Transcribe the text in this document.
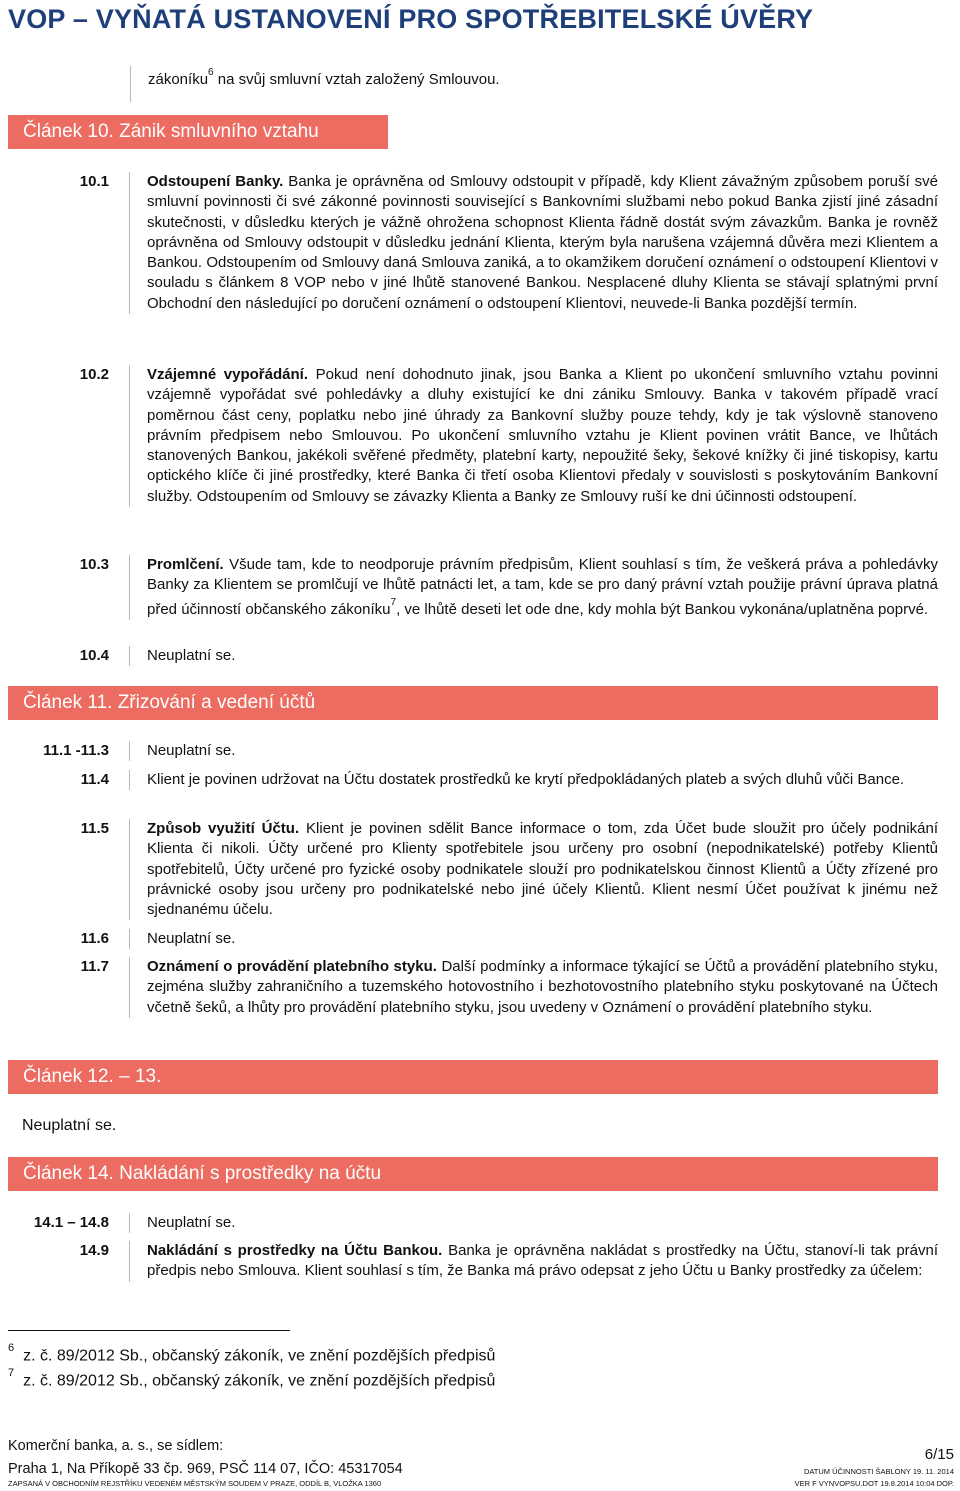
VOP – VYŇATÁ USTANOVENÍ PRO SPOTŘEBITELSKÉ ÚVĚRY
zákoníku$^6$ na svůj smluvní vztah založený Smlouvou.
Článek 10. Zánik smluvního vztahu
10.1	Odstoupení Banky. Banka je oprávněna od Smlouvy odstoupit v případě, kdy Klient závažným způsobem poruší své smluvní povinnosti či své zákonné povinnosti související s Bankovními službami nebo pokud Banka zjistí jiné zásadní skutečnosti, v důsledku kterých je vážně ohrožena schopnost Klienta řádně dostát svým závazkům. Banka je rovněž oprávněna od Smlouvy odstoupit v důsledku jednání Klienta, kterým byla narušena vzájemná důvěra mezi Klientem a Bankou. Odstoupením od Smlouvy daná Smlouva zaniká, a to okamžikem doručení oznámení o odstoupení Klientovi v souladu s článkem 8 VOP nebo v jiné lhůtě stanovené Bankou. Nesplacené dluhy Klienta se stávají splatnými první Obchodní den následující po doručení oznámení o odstoupení Klientovi, neuvede-li Banka pozdější termín.
10.2	Vzájemné vypořádání. Pokud není dohodnuto jinak, jsou Banka a Klient po ukončení smluvního vztahu povinni vzájemně vypořádat své pohledávky a dluhy existující ke dni zániku Smlouvy. Banka v takovém případě vrací poměrnou část ceny, poplatku nebo jiné úhrady za Bankovní služby pouze tehdy, kdy je tak výslovně stanoveno právním předpisem nebo Smlouvou. Po ukončení smluvního vztahu je Klient povinen vrátit Bance, ve lhůtách stanovených Bankou, jakékoli svěřené předměty, platební karty, nepoužité šeky, šekové knížky či jiné tiskopisy, kartu optického klíče či jiné prostředky, které Banka či třetí osoba Klientovi předaly v souvislosti s poskytováním Bankovní služby. Odstoupením od Smlouvy se závazky Klienta a Banky ze Smlouvy ruší ke dni účinnosti odstoupení.
10.3	Promlčení. Všude tam, kde to neodporuje právním předpisům, Klient souhlasí s tím, že veškerá práva a pohledávky Banky za Klientem se promlčují ve lhůtě patnácti let, a tam, kde se pro daný právní vztah použije právní úprava platná před účinností občanského zákoníku$^7$, ve lhůtě deseti let ode dne, kdy mohla být Bankou vykonána/uplatněna poprvé.
10.4	Neuplatní se.
Článek 11. Zřizování a vedení účtů
11.1 -11.3	Neuplatní se.
11.4	Klient je povinen udržovat na Účtu dostatek prostředků ke krytí předpokládaných plateb a svých dluhů vůči Bance.
11.5	Způsob využití Účtu. Klient je povinen sdělit Bance informace o tom, zda Účet bude sloužit pro účely podnikání Klienta či nikoli. Účty určené pro Klienty spotřebitele jsou určeny pro osobní (nepodnikatelské) potřeby Klientů spotřebitelů, Účty určené pro fyzické osoby podnikatele slouží pro podnikatelskou činnost Klientů a Účty zřízené pro právnické osoby jsou určeny pro podnikatelské nebo jiné účely Klientů. Klient nesmí Účet používat k jinému než sjednanému účelu.
11.6	Neuplatní se.
11.7	Oznámení o provádění platebního styku. Další podmínky a informace týkající se Účtů a provádění platebního styku, zejména služby zahraničního a tuzemského hotovostního i bezhotovostního platebního styku poskytované na Účtech včetně šeků, a lhůty pro provádění platebního styku, jsou uvedeny v Oznámení o provádění platebního styku.
Článek 12. – 13.
Neuplatní se.
Článek 14. Nakládání s prostředky na účtu
14.1 – 14.8	Neuplatní se.
14.9	Nakládání s prostředky na Účtu Bankou. Banka je oprávněna nakládat s prostředky na Účtu, stanoví-li tak právní předpis nebo Smlouva. Klient souhlasí s tím, že Banka má právo odepsat z jeho Účtu u Banky prostředky za účelem:
$^6$ z. č. 89/2012 Sb., občanský zákoník, ve znění pozdějších předpisů
$^7$ z. č. 89/2012 Sb., občanský zákoník, ve znění pozdějších předpisů
Komerční banka, a. s., se sídlem:
Praha 1, Na Příkopě 33 čp. 969, PSČ 114 07, IČO: 45317054
ZAPSANÁ V OBCHODNÍM REJSTŘÍKU VEDENÉM MĚSTSKÝM SOUDEM V PRAZE, ODDÍL B, VLOŽKA 1360
6/15
DATUM ÚČINNOSTI ŠABLONY 19. 11. 2014
VER F VYNVOPSU.DOT 19.8.2014 10:04 DOP.
